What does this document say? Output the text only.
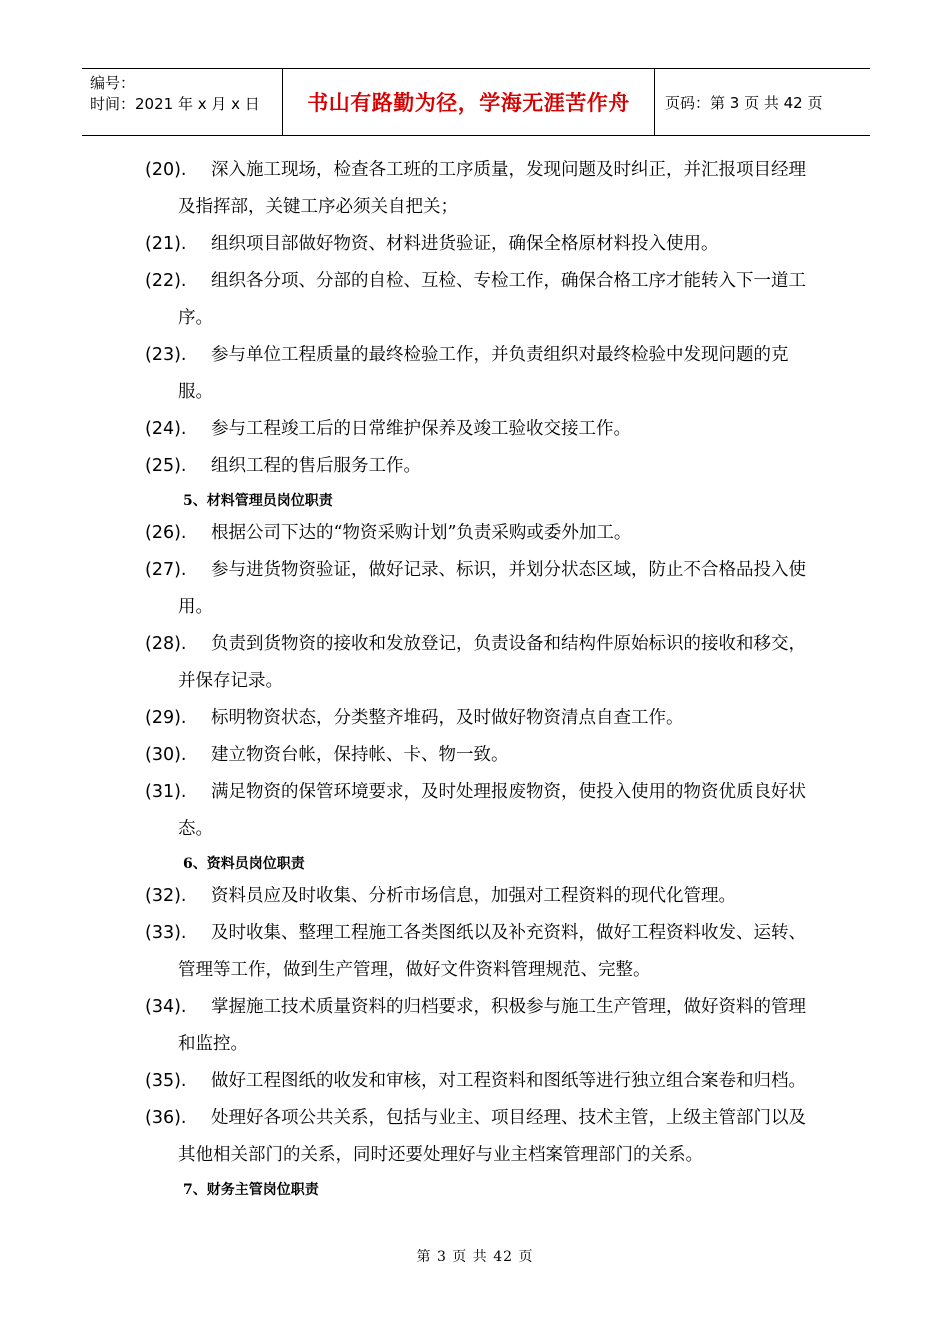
编号：
时间：2021 年 x 月 x 日	书山有路勤为径，学海无涯苦作舟	页码：第 3 页 共 42 页
(20).	深入施工现场，检查各工班的工序质量，发现问题及时纠正，并汇报项目经理及指挥部，关键工序必须关自把关；
(21).	组织项目部做好物资、材料进货验证，确保全格原材料投入使用。
(22).	组织各分项、分部的自检、互检、专检工作，确保合格工序才能转入下一道工序。
(23).	参与单位工程质量的最终检验工作，并负责组织对最终检验中发现问题的克服。
(24).	参与工程竣工后的日常维护保养及竣工验收交接工作。
(25).	组织工程的售后服务工作。
5、材料管理员岗位职责
(26).	根据公司下达的“物资采购计划”负责采购或委外加工。
(27).	参与进货物资验证，做好记录、标识，并划分状态区域，防止不合格品投入使用。
(28).	负责到货物资的接收和发放登记，负责设备和结构件原始标识的接收和移交，并保存记录。
(29).	标明物资状态，分类整齐堆码，及时做好物资清点自查工作。
(30).	建立物资台帐，保持帐、卡、物一致。
(31).	满足物资的保管环境要求，及时处理报废物资，使投入使用的物资优质良好状态。
6、资料员岗位职责
(32).	资料员应及时收集、分析市场信息，加强对工程资料的现代化管理。
(33).	及时收集、整理工程施工各类图纸以及补充资料，做好工程资料收发、运转、管理等工作，做到生产管理，做好文件资料管理规范、完整。
(34).	掌握施工技术质量资料的归档要求，积极参与施工生产管理，做好资料的管理和监控。
(35).	做好工程图纸的收发和审核，对工程资料和图纸等进行独立组合案卷和归档。
(36).	处理好各项公共关系，包括与业主、项目经理、技术主管，上级主管部门以及其他相关部门的关系，同时还要处理好与业主档案管理部门的关系。
7、财务主管岗位职责
第 3 页 共 42 页
